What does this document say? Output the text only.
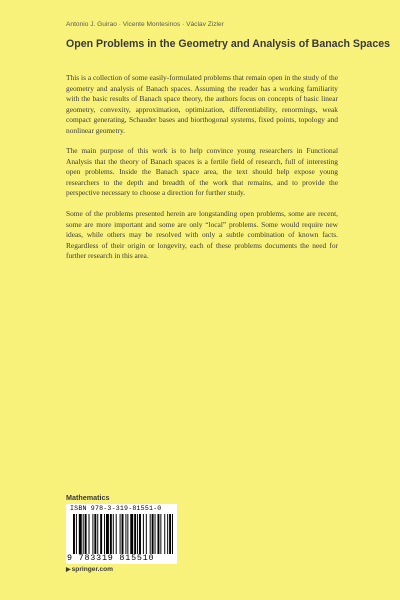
Antonio J. Guirao · Vicente Montesinos · Václav Zizler
Open Problems in the Geometry and Analysis of Banach Spaces

This is a collection of some easily-formulated problems that remain open in the study of the geometry and analysis of Banach spaces. Assuming the reader has a working familiarity with the basic results of Banach space theory, the authors focus on concepts of basic linear geometry, convexity, approximation, optimization, differentiability, renormings, weak compact generating, Schauder bases and biorthogonal systems, fixed points, topology and nonlinear geometry.

The main purpose of this work is to help convince young researchers in Functional Analysis that the theory of Banach spaces is a fertile field of research, full of interesting open problems. Inside the Banach space area, the text should help expose young researchers to the depth and breadth of the work that remains, and to provide the perspective necessary to choose a direction for further study.

Some of the problems presented herein are longstanding open problems, some are recent, some are more important and some are only “local” problems. Some would require new ideas, while others may be resolved with only a subtle combination of known facts. Regardless of their origin or longevity, each of these problems documents the need for further research in this area.

Mathematics
ISBN 978-3-319-81551-0
9 783319 815510
▶springer.com
